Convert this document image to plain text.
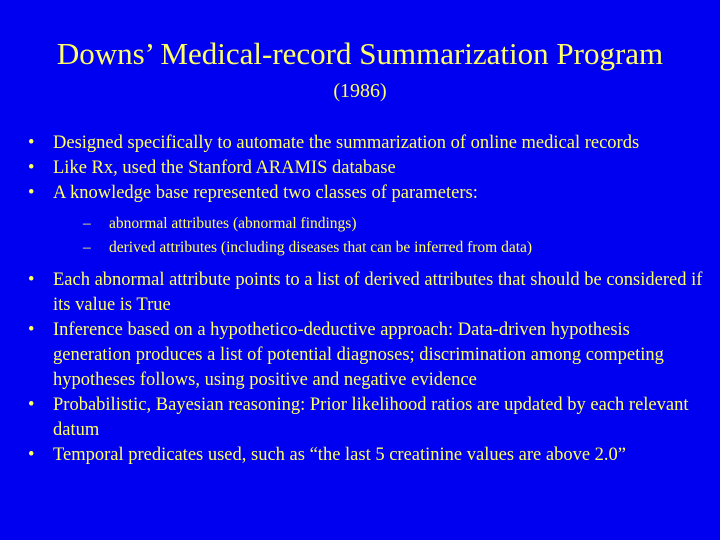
Downs’ Medical-record Summarization Program
(1986)
• Designed specifically to automate the summarization of online medical records
• Like Rx, used the Stanford ARAMIS database
• A knowledge base represented two classes of parameters:
– abnormal attributes (abnormal findings)
– derived attributes (including diseases that can be inferred from data)
• Each abnormal attribute points to a list of derived attributes that should be considered if its value is True
• Inference based on a hypothetico-deductive approach: Data-driven hypothesis generation produces a list of potential diagnoses; discrimination among competing hypotheses follows, using positive and negative evidence
• Probabilistic, Bayesian reasoning: Prior likelihood ratios are updated by each relevant datum
• Temporal predicates used, such as “the last 5 creatinine values are above 2.0”
